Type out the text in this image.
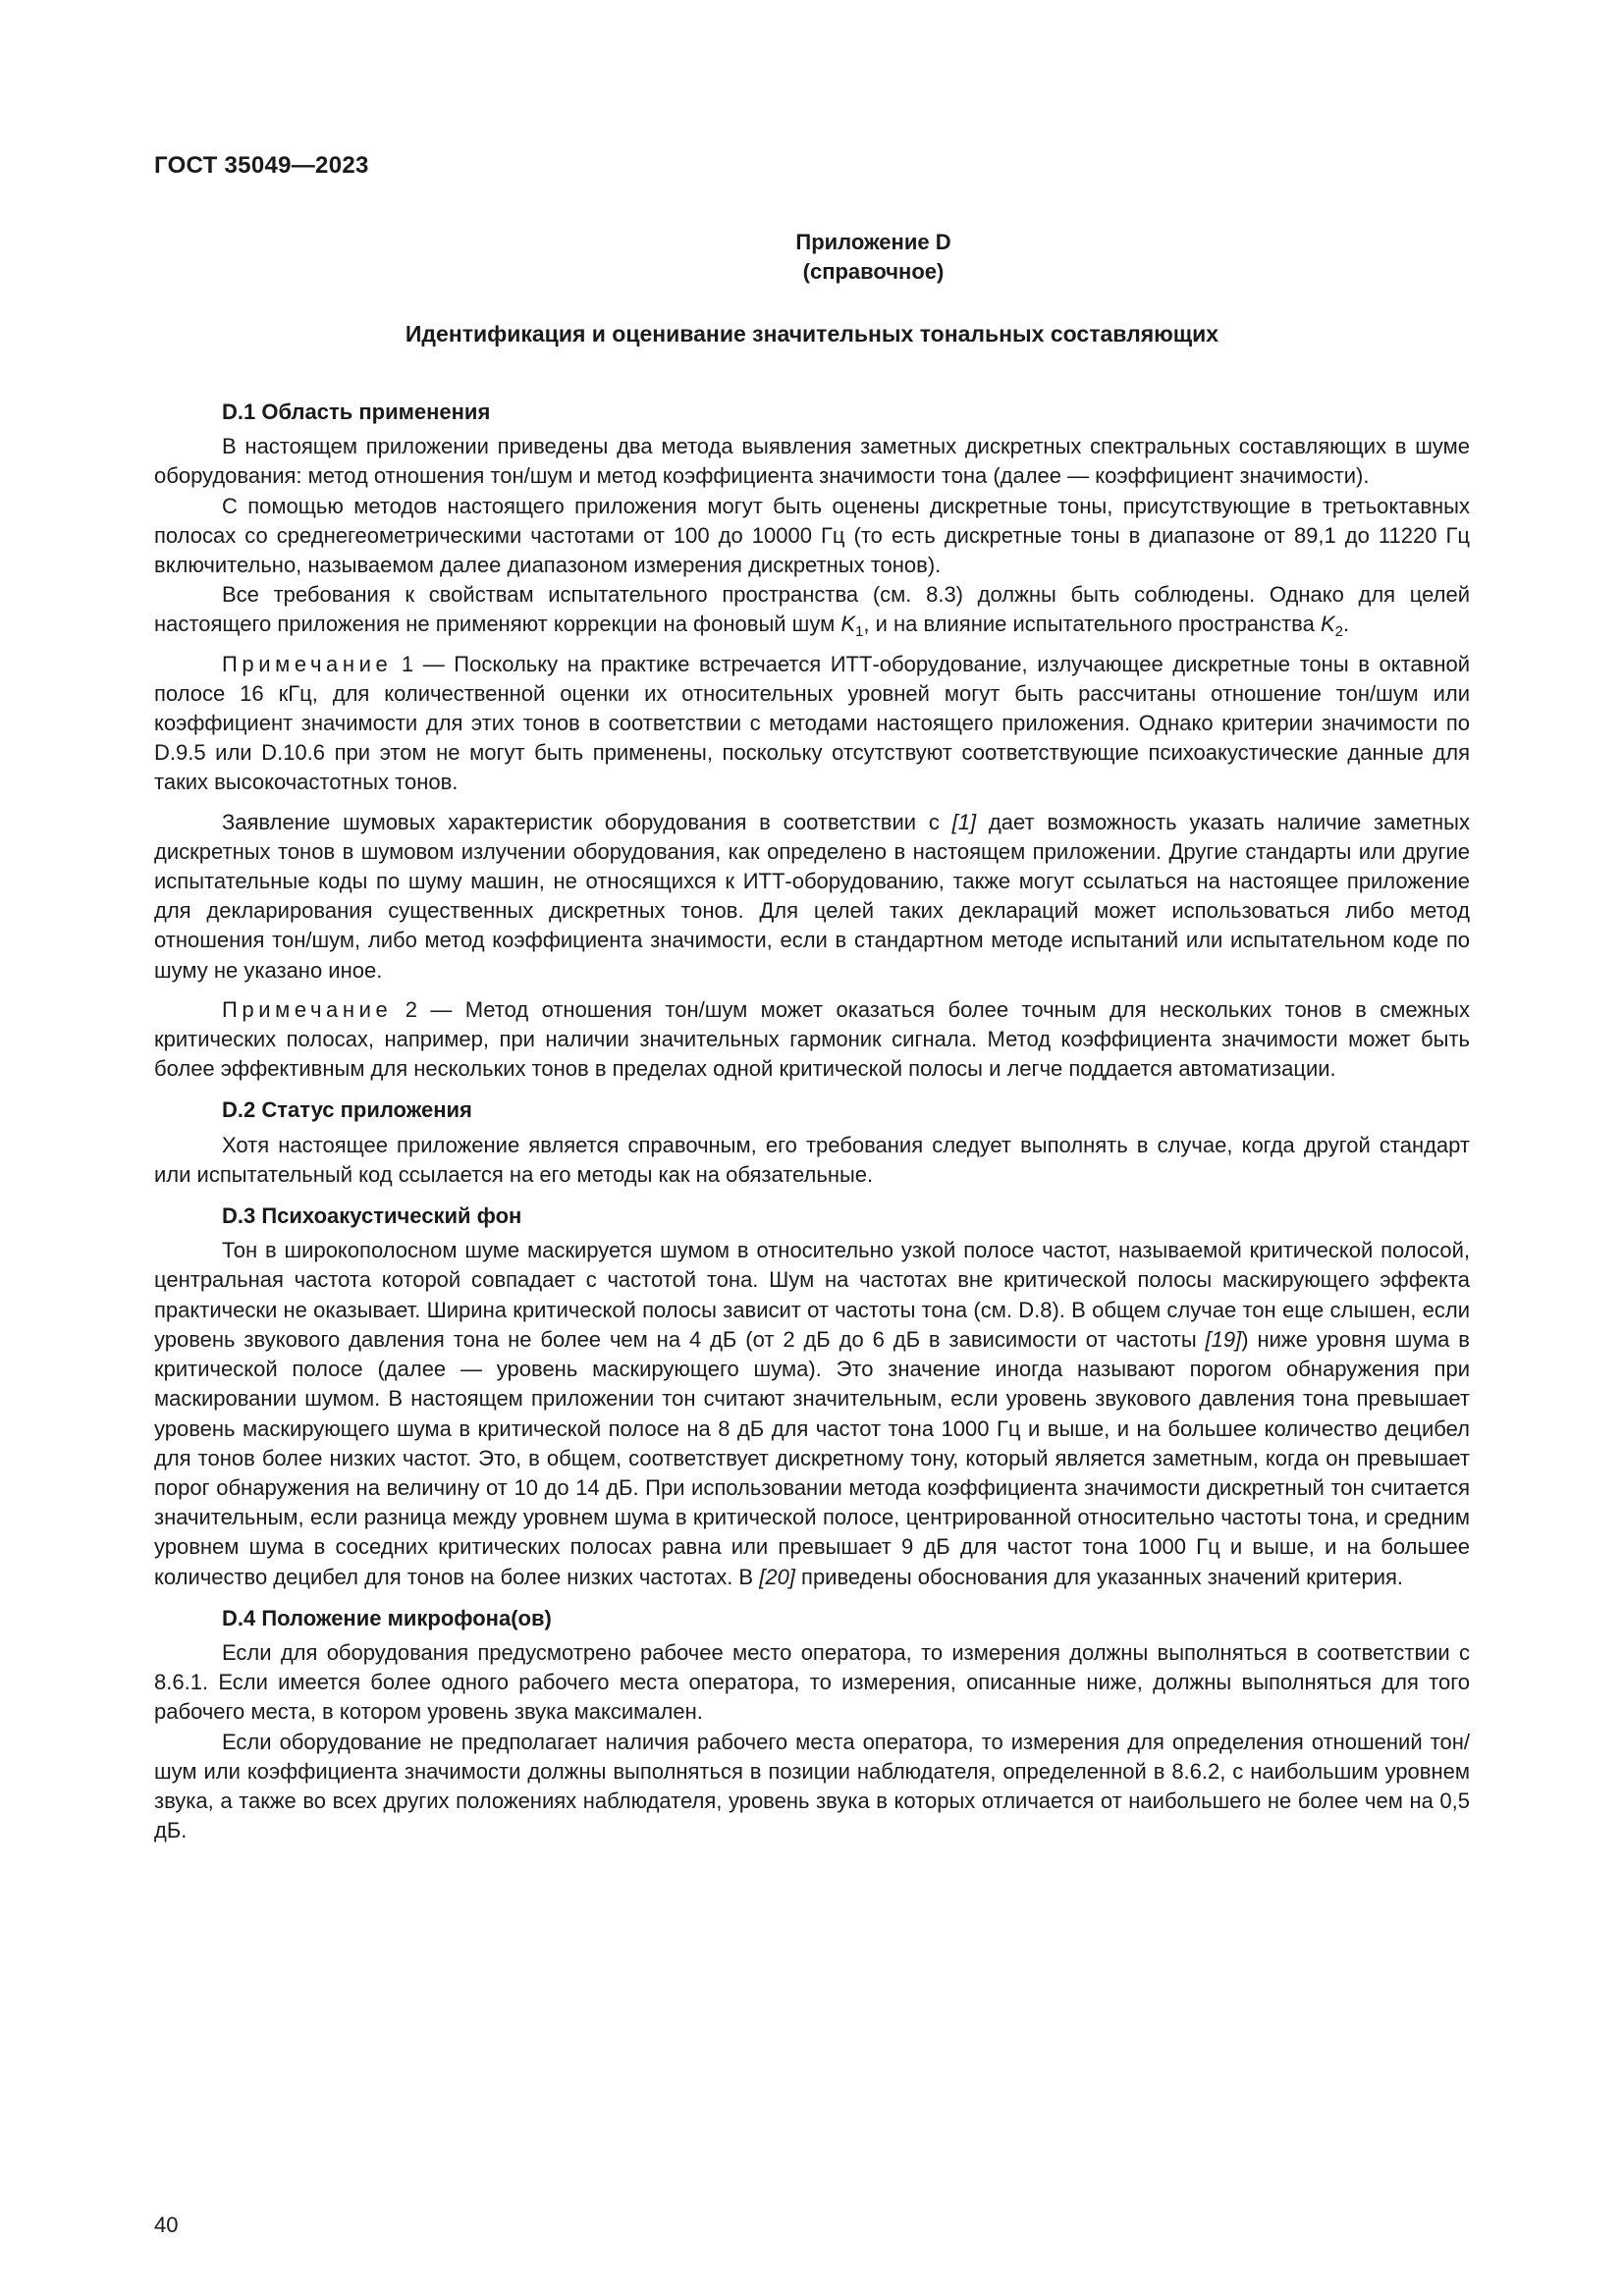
ГОСТ 35049—2023
Приложение D
(справочное)
Идентификация и оценивание значительных тональных составляющих
D.1 Область применения

В настоящем приложении приведены два метода выявления заметных дискретных спектральных составляющих в шуме оборудования: метод отношения тон/шум и метод коэффициента значимости тона (далее — коэффициент значимости).

С помощью методов настоящего приложения могут быть оценены дискретные тоны, присутствующие в третьоктавных полосах со среднегеометрическими частотами от 100 до 10000 Гц (то есть дискретные тоны в диапазоне от 89,1 до 11220 Гц включительно, называемом далее диапазоном измерения дискретных тонов).

Все требования к свойствам испытательного пространства (см. 8.3) должны быть соблюдены. Однако для целей настоящего приложения не применяют коррекции на фоновый шум $K_1$, и на влияние испытательного пространства $K_2$.

Примечание 1 — Поскольку на практике встречается ИТТ-оборудование, излучающее дискретные тоны в октавной полосе 16 кГц, для количественной оценки их относительных уровней могут быть рассчитаны отношение тон/шум или коэффициент значимости для этих тонов в соответствии с методами настоящего приложения. Однако критерии значимости по D.9.5 или D.10.6 при этом не могут быть применены, поскольку отсутствуют соответствующие психоакустические данные для таких высокочастотных тонов.

Заявление шумовых характеристик оборудования в соответствии с [1] дает возможность указать наличие заметных дискретных тонов в шумовом излучении оборудования, как определено в настоящем приложении. Другие стандарты или другие испытательные коды по шуму машин, не относящихся к ИТТ-оборудованию, также могут ссылаться на настоящее приложение для декларирования существенных дискретных тонов. Для целей таких деклараций может использоваться либо метод отношения тон/шум, либо метод коэффициента значимости, если в стандартном методе испытаний или испытательном коде по шуму не указано иное.

Примечание 2 — Метод отношения тон/шум может оказаться более точным для нескольких тонов в смежных критических полосах, например, при наличии значительных гармоник сигнала. Метод коэффициента значимости может быть более эффективным для нескольких тонов в пределах одной критической полосы и легче поддается автоматизации.

D.2 Статус приложения

Хотя настоящее приложение является справочным, его требования следует выполнять в случае, когда другой стандарт или испытательный код ссылается на его методы как на обязательные.

D.3 Психоакустический фон

Тон в широкополосном шуме маскируется шумом в относительно узкой полосе частот, называемой критической полосой, центральная частота которой совпадает с частотой тона. Шум на частотах вне критической полосы маскирующего эффекта практически не оказывает. Ширина критической полосы зависит от частоты тона (см. D.8). В общем случае тон еще слышен, если уровень звукового давления тона не более чем на 4 дБ (от 2 дБ до 6 дБ в зависимости от частоты [19]) ниже уровня шума в критической полосе (далее — уровень маскирующего шума). Это значение иногда называют порогом обнаружения при маскировании шумом. В настоящем приложении тон считают значительным, если уровень звукового давления тона превышает уровень маскирующего шума в критической полосе на 8 дБ для частот тона 1000 Гц и выше, и на большее количество децибел для тонов более низких частот. Это, в общем, соответствует дискретному тону, который является заметным, когда он превышает порог обнаружения на величину от 10 до 14 дБ. При использовании метода коэффициента значимости дискретный тон считается значительным, если разница между уровнем шума в критической полосе, центрированной относительно частоты тона, и средним уровнем шума в соседних критических полосах равна или превышает 9 дБ для частот тона 1000 Гц и выше, и на большее количество децибел для тонов на более низких частотах. В [20] приведены обоснования для указанных значений критерия.

D.4 Положение микрофона(ов)

Если для оборудования предусмотрено рабочее место оператора, то измерения должны выполняться в соответствии с 8.6.1. Если имеется более одного рабочего места оператора, то измерения, описанные ниже, должны выполняться для того рабочего места, в котором уровень звука максимален.

Если оборудование не предполагает наличия рабочего места оператора, то измерения для определения отношений тон/шум или коэффициента значимости должны выполняться в позиции наблюдателя, определенной в 8.6.2, с наибольшим уровнем звука, а также во всех других положениях наблюдателя, уровень звука в которых отличается от наибольшего не более чем на 0,5 дБ.

40
